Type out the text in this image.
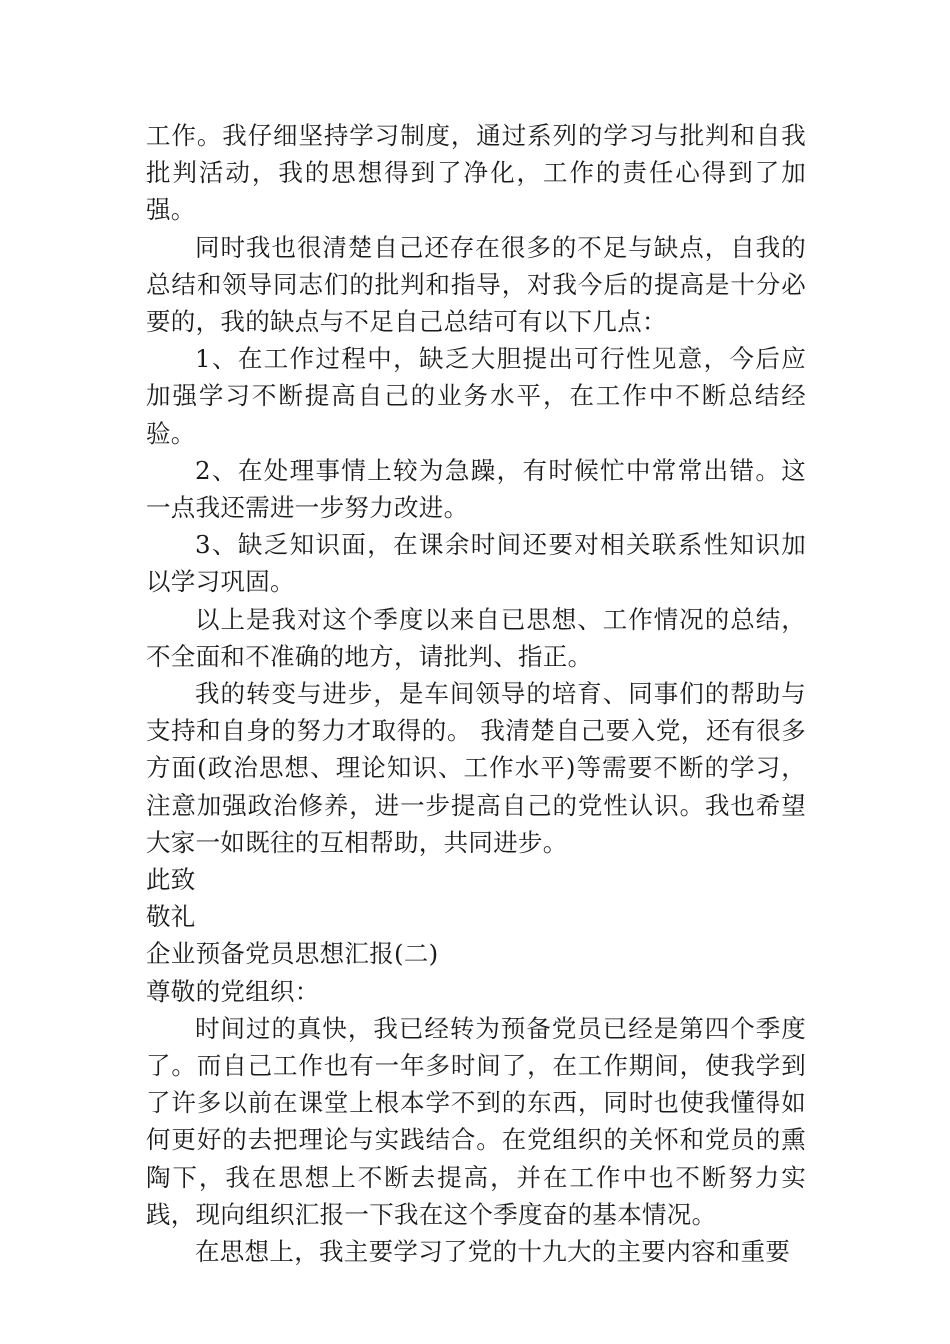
工作。我仔细坚持学习制度，通过系列的学习与批判和自我批判活动，我的思想得到了净化，工作的责任心得到了加强。

同时我也很清楚自己还存在很多的不足与缺点，自我的总结和领导同志们的批判和指导，对我今后的提高是十分必要的，我的缺点与不足自己总结可有以下几点：

1、在工作过程中，缺乏大胆提出可行性见意，今后应加强学习不断提高自己的业务水平，在工作中不断总结经验。

2、在处理事情上较为急躁，有时候忙中常常出错。这一点我还需进一步努力改进。

3、缺乏知识面，在课余时间还要对相关联系性知识加以学习巩固。

以上是我对这个季度以来自已思想、工作情况的总结，不全面和不准确的地方，请批判、指正。

我的转变与进步，是车间领导的培育、同事们的帮助与支持和自身的努力才取得的。 我清楚自己要入党，还有很多方面(政治思想、理论知识、工作水平)等需要不断的学习，注意加强政治修养，进一步提高自己的党性认识。我也希望大家一如既往的互相帮助，共同进步。

此致

敬礼

企业预备党员思想汇报(二)

尊敬的党组织：

时间过的真快，我已经转为预备党员已经是第四个季度了。而自己工作也有一年多时间了，在工作期间，使我学到了许多以前在课堂上根本学不到的东西，同时也使我懂得如何更好的去把理论与实践结合。在党组织的关怀和党员的熏陶下，我在思想上不断去提高，并在工作中也不断努力实践，现向组织汇报一下我在这个季度奋的基本情况。

在思想上，我主要学习了党的十九大的主要内容和重要
